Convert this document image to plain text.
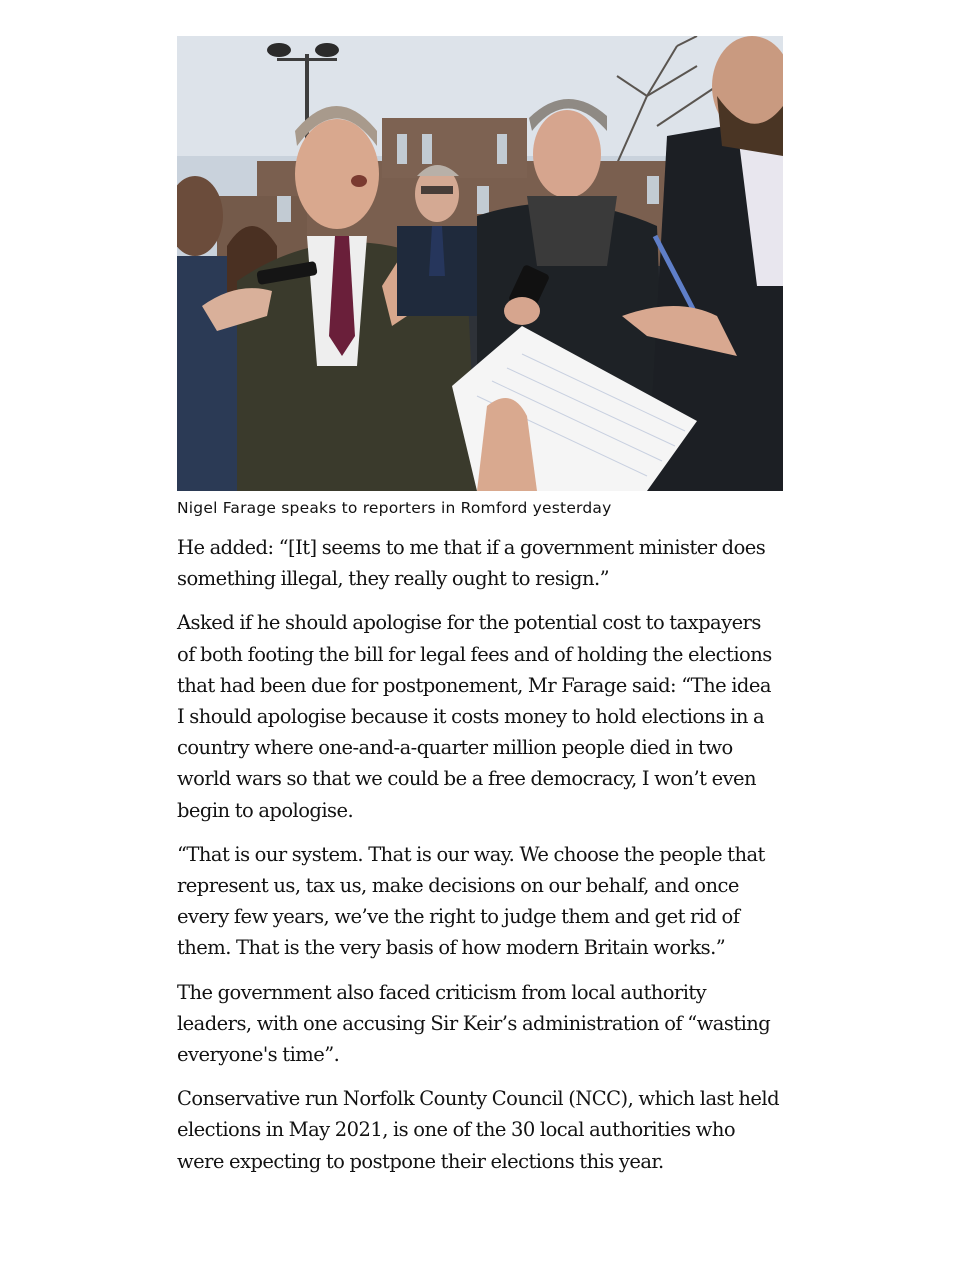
Nigel Farage speaks to reporters in Romford yesterday

He added: “[It] seems to me that if a government minister does something illegal, they really ought to resign.”

Asked if he should apologise for the potential cost to taxpayers of both footing the bill for legal fees and of holding the elections that had been due for postponement, Mr Farage said: “The idea I should apologise because it costs money to hold elections in a country where one-and-a-quarter million people died in two world wars so that we could be a free democracy, I won’t even begin to apologise.

“That is our system. That is our way. We choose the people that represent us, tax us, make decisions on our behalf, and once every few years, we’ve the right to judge them and get rid of them. That is the very basis of how modern Britain works.”

The government also faced criticism from local authority leaders, with one accusing Sir Keir’s administration of “wasting everyone's time”.

Conservative run Norfolk County Council (NCC), which last held elections in May 2021, is one of the 30 local authorities who were expecting to postpone their elections this year.
